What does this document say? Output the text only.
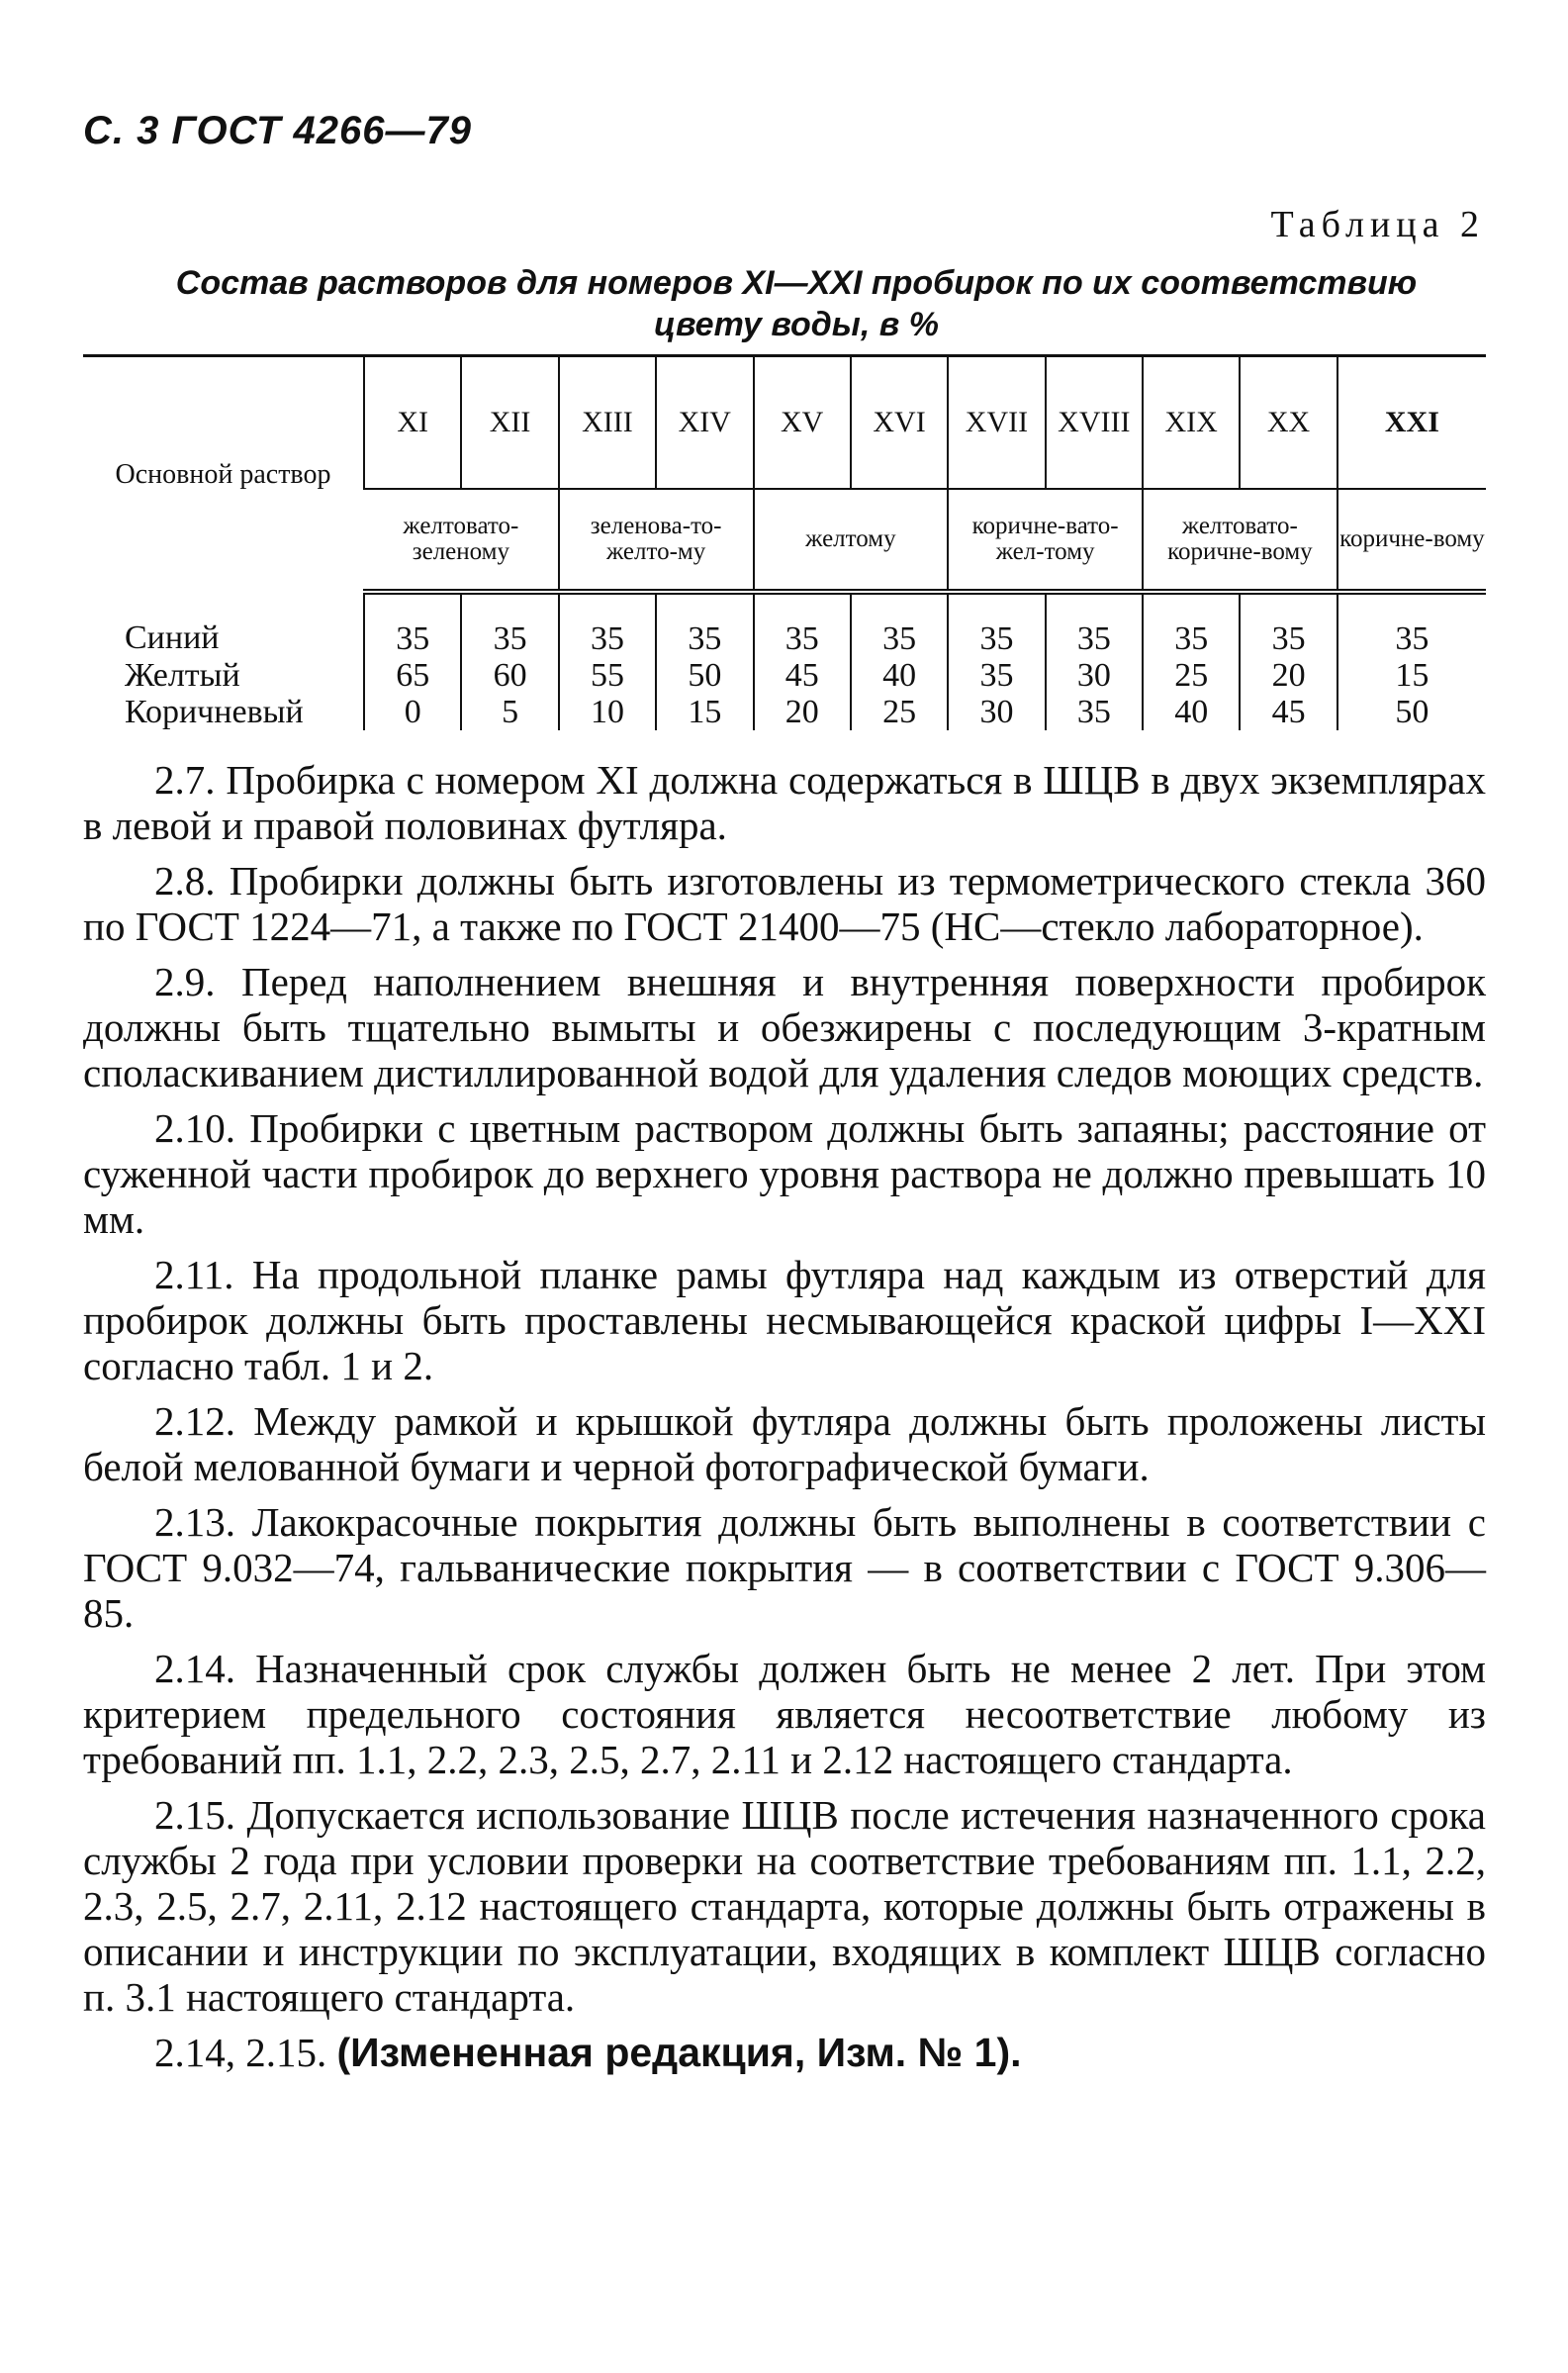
С. 3 ГОСТ 4266—79
Таблица 2
Состав растворов для номеров XI—XXI пробирок по их соответствию цвету воды, в %
Основной раствор	XI	XII	XIII	XIV	XV	XVI	XVII	XVIII	XIX	XX	XXI
	желтовато-зеленому		зеленова-то-желто-му		желтому		коричне-вато-жел-тому		желтовато-коричне-вому		коричне-вому
Синий	35	35	35	35	35	35	35	35	35	35	35
Желтый	65	60	55	50	45	40	35	30	25	20	15
Коричневый	0	5	10	15	20	25	30	35	40	45	50

2.7. Пробирка с номером XI должна содержаться в ШЦВ в двух экземплярах в левой и правой половинах футляра.

2.8. Пробирки должны быть изготовлены из термометрического стекла 360 по ГОСТ 1224—71, а также по ГОСТ 21400—75 (НС—стекло лабораторное).

2.9. Перед наполнением внешняя и внутренняя поверхности пробирок должны быть тщательно вымыты и обезжирены с последующим 3-кратным споласкиванием дистиллированной водой для удаления следов моющих средств.

2.10. Пробирки с цветным раствором должны быть запаяны; расстояние от суженной части пробирок до верхнего уровня раствора не должно превышать 10 мм.

2.11. На продольной планке рамы футляра над каждым из отверстий для пробирок должны быть проставлены несмывающейся краской цифры I—XXI согласно табл. 1 и 2.

2.12. Между рамкой и крышкой футляра должны быть проложены листы белой мелованной бумаги и черной фотографической бумаги.

2.13. Лакокрасочные покрытия должны быть выполнены в соответствии с ГОСТ 9.032—74, гальванические покрытия — в соответствии с ГОСТ 9.306—85.

2.14. Назначенный срок службы должен быть не менее 2 лет. При этом критерием предельного состояния является несоответствие любому из требований пп. 1.1, 2.2, 2.3, 2.5, 2.7, 2.11 и 2.12 настоящего стандарта.

2.15. Допускается использование ШЦВ после истечения назначенного срока службы 2 года при условии проверки на соответствие требованиям пп. 1.1, 2.2, 2.3, 2.5, 2.7, 2.11, 2.12 настоящего стандарта, которые должны быть отражены в описании и инструкции по эксплуатации, входящих в комплект ШЦВ согласно п. 3.1 настоящего стандарта.

2.14, 2.15. (Измененная редакция, Изм. № 1).
